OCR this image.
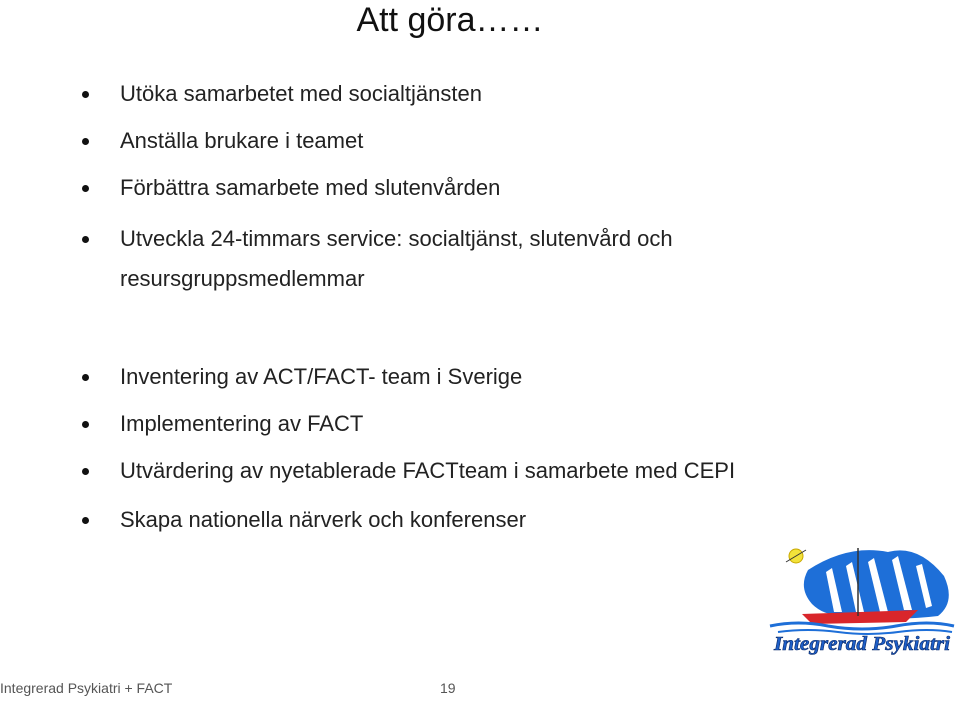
Att göra……
Utöka samarbetet med socialtjänsten
Anställa brukare i teamet
Förbättra samarbete med slutenvården
Utveckla 24-timmars service: socialtjänst, slutenvård och
resursgruppsmedlemmar
Inventering av ACT/FACT- team i Sverige
Implementering av FACT
Utvärdering av nyetablerade FACTteam i samarbete med CEPI
Skapa nationella närverk och konferenser
Integrerad Psykiatri
Integrerad Psykiatri + FACT	19
